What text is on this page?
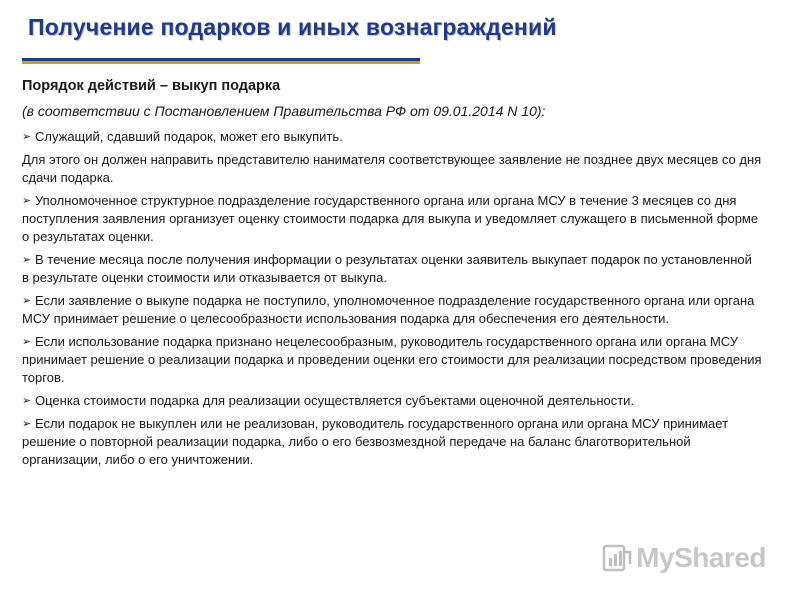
Получение подарков и иных вознаграждений
Порядок действий – выкуп подарка
(в соответствии с Постановлением Правительства РФ от 09.01.2014 N 10):
➢ Служащий, сдавший подарок, может его выкупить.
Для этого он должен направить представителю нанимателя соответствующее заявление не позднее двух месяцев со дня сдачи подарка.
➢ Уполномоченное структурное подразделение государственного органа или органа МСУ в течение 3 месяцев со дня поступления заявления организует оценку стоимости подарка для выкупа и уведомляет служащего в письменной форме о результатах оценки.
➢ В течение месяца после получения информации о результатах оценки заявитель выкупает подарок по установленной в результате оценки стоимости или отказывается от выкупа.
➢ Если заявление о выкупе подарка не поступило, уполномоченное подразделение государственного органа или органа МСУ принимает решение о целесообразности использования подарка для обеспечения его деятельности.
➢ Если использование подарка признано нецелесообразным, руководитель государственного органа или органа МСУ принимает решение о реализации подарка и проведении оценки его стоимости для реализации посредством проведения торгов.
➢ Оценка стоимости подарка для реализации осуществляется субъектами оценочной деятельности.
➢ Если подарок не выкуплен или не реализован, руководитель государственного органа или органа МСУ принимает решение о повторной реализации подарка, либо о его безвозмездной передаче на баланс благотворительной организации, либо о его уничтожении.
MyShared
